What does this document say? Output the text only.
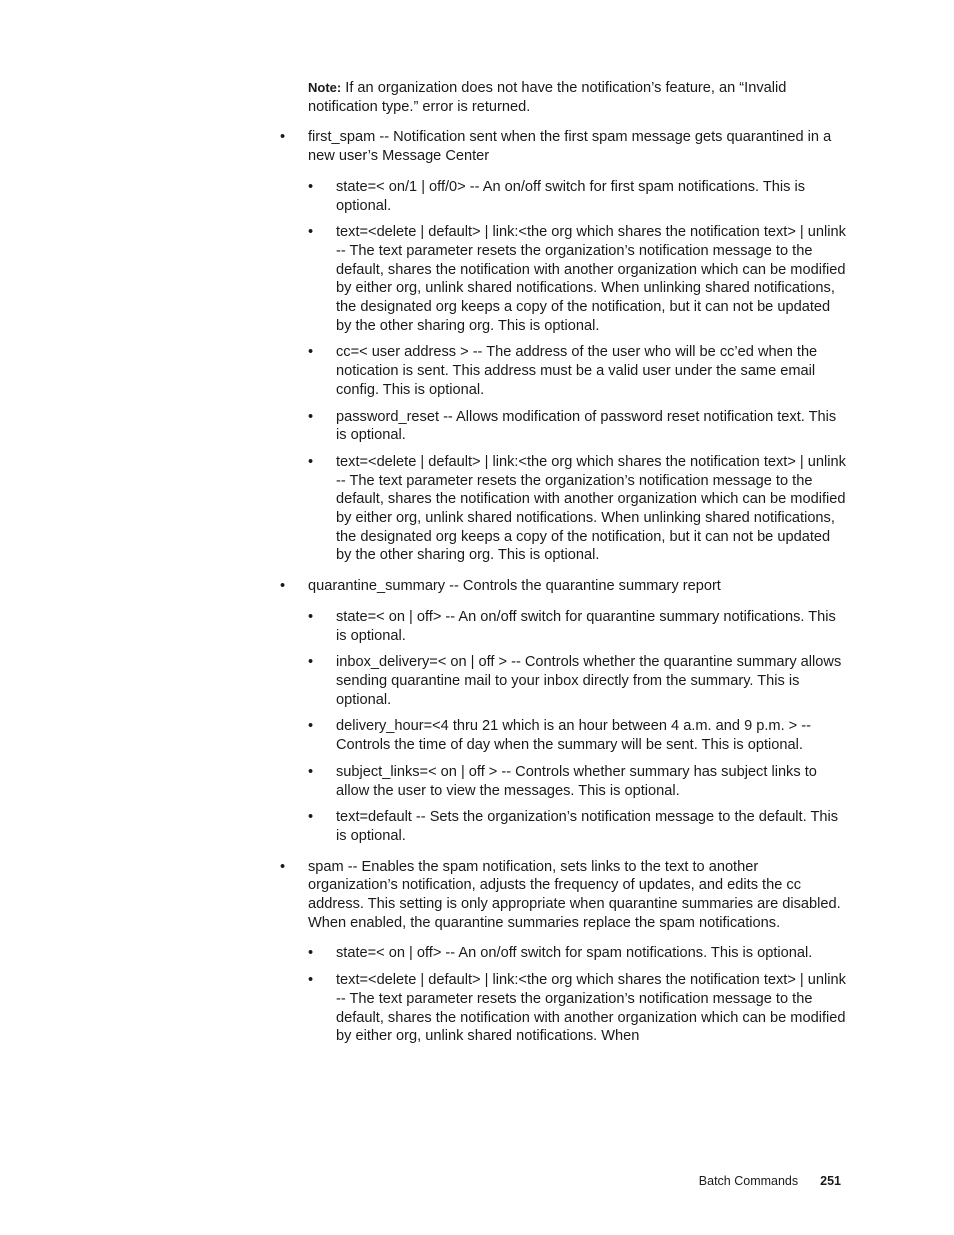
Note: If an organization does not have the notification’s feature, an “Invalid notification type.” error is returned.

• first_spam -- Notification sent when the first spam message gets quarantined in a new user’s Message Center
• state=< on/1 | off/0> -- An on/off switch for first spam notifications. This is optional.
• text=<delete | default> | link:<the org which shares the notification text> | unlink -- The text parameter resets the organization’s notification message to the default, shares the notification with another organization which can be modified by either org, unlink shared notifications. When unlinking shared notifications, the designated org keeps a copy of the notification, but it can not be updated by the other sharing org. This is optional.
• cc=< user address > -- The address of the user who will be cc’ed when the notication is sent. This address must be a valid user under the same email config. This is optional.
• password_reset -- Allows modification of password reset notification text. This is optional.
• text=<delete | default> | link:<the org which shares the notification text> | unlink -- The text parameter resets the organization’s notification message to the default, shares the notification with another organization which can be modified by either org, unlink shared notifications. When unlinking shared notifications, the designated org keeps a copy of the notification, but it can not be updated by the other sharing org. This is optional.
• quarantine_summary -- Controls the quarantine summary report
• state=< on | off> -- An on/off switch for quarantine summary notifications. This is optional.
• inbox_delivery=< on | off > -- Controls whether the quarantine summary allows sending quarantine mail to your inbox directly from the summary. This is optional.
• delivery_hour=<4 thru 21 which is an hour between 4 a.m. and 9 p.m. > -- Controls the time of day when the summary will be sent. This is optional.
• subject_links=< on | off > -- Controls whether summary has subject links to allow the user to view the messages. This is optional.
• text=default -- Sets the organization’s notification message to the default. This is optional.
• spam -- Enables the spam notification, sets links to the text to another organization’s notification, adjusts the frequency of updates, and edits the cc address. This setting is only appropriate when quarantine summaries are disabled. When enabled, the quarantine summaries replace the spam notifications.
• state=< on | off> -- An on/off switch for spam notifications. This is optional.
• text=<delete | default> | link:<the org which shares the notification text> | unlink -- The text parameter resets the organization’s notification message to the default, shares the notification with another organization which can be modified by either org, unlink shared notifications. When
Batch Commands 251
